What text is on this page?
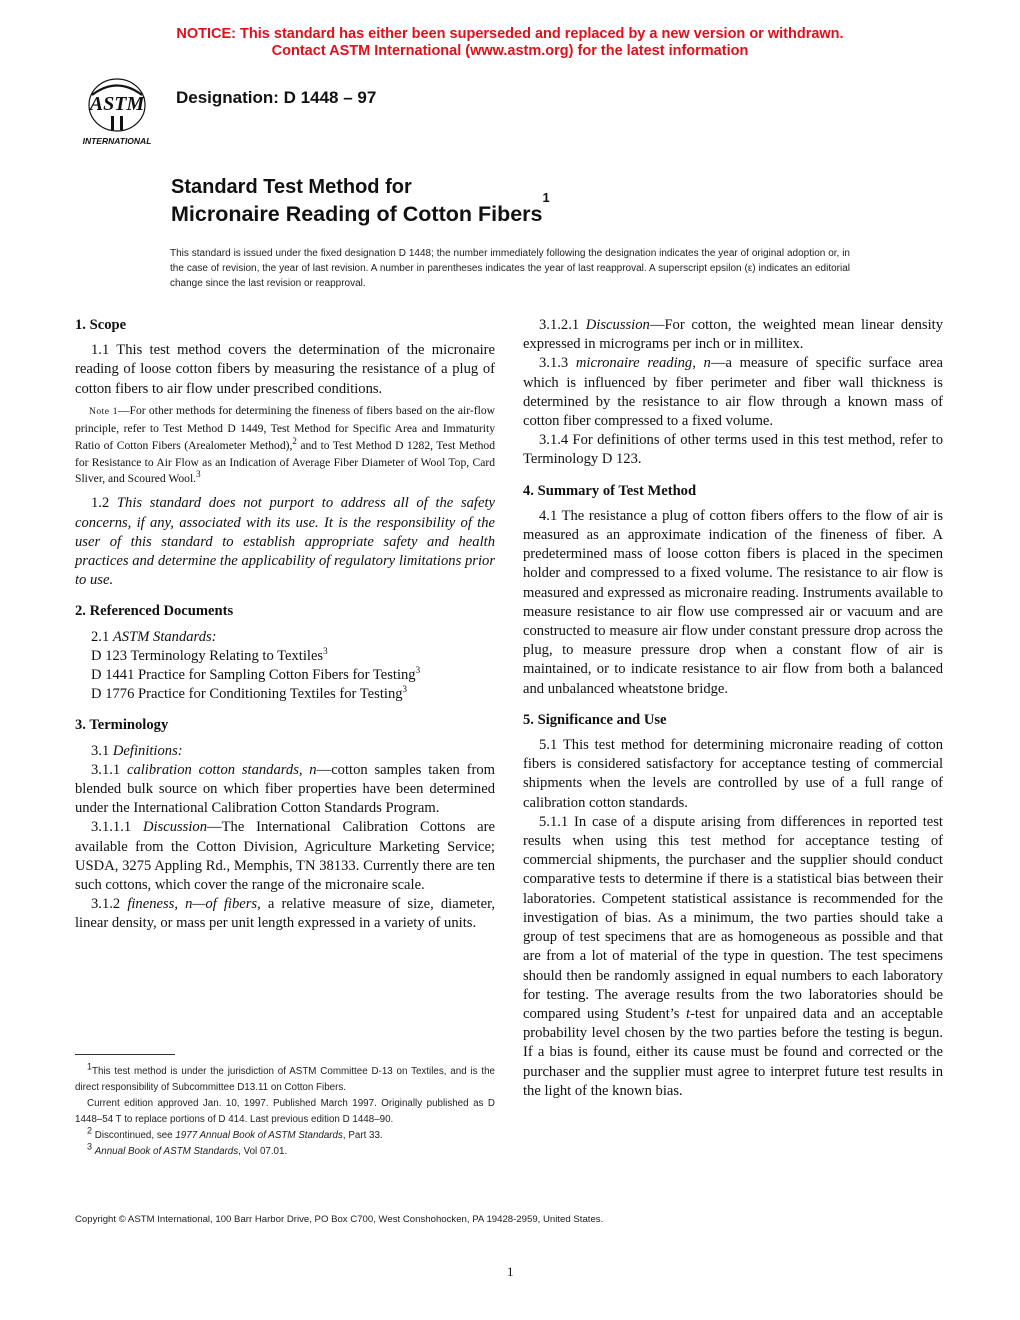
NOTICE: This standard has either been superseded and replaced by a new version or withdrawn.
Contact ASTM International (www.astm.org) for the latest information
ASTM
INTERNATIONAL
Designation: D 1448 – 97
Standard Test Method for
Micronaire Reading of Cotton Fibers$^1$
This standard is issued under the fixed designation D 1448; the number immediately following the designation indicates the year of original adoption or, in the case of revision, the year of last revision. A number in parentheses indicates the year of last reapproval. A superscript epsilon (ε) indicates an editorial change since the last revision or reapproval.

1. Scope

1.1 This test method covers the determination of the micronaire reading of loose cotton fibers by measuring the resistance of a plug of cotton fibers to air flow under prescribed conditions.

Note 1—For other methods for determining the fineness of fibers based on the air-flow principle, refer to Test Method D 1449, Test Method for Specific Area and Immaturity Ratio of Cotton Fibers (Arealometer Method),$^2$ and to Test Method D 1282, Test Method for Resistance to Air Flow as an Indication of Average Fiber Diameter of Wool Top, Card Sliver, and Scoured Wool.$^3$

1.2 This standard does not purport to address all of the safety concerns, if any, associated with its use. It is the responsibility of the user of this standard to establish appropriate safety and health practices and determine the applicability of regulatory limitations prior to use.

2. Referenced Documents

2.1 ASTM Standards:

D 123 Terminology Relating to Textiles$^3$

D 1441 Practice for Sampling Cotton Fibers for Testing$^3$

D 1776 Practice for Conditioning Textiles for Testing$^3$

3. Terminology

3.1 Definitions:

3.1.1 calibration cotton standards, n—cotton samples taken from blended bulk source on which fiber properties have been determined under the International Calibration Cotton Standards Program.

3.1.1.1 Discussion—The International Calibration Cottons are available from the Cotton Division, Agriculture Marketing Service; USDA, 3275 Appling Rd., Memphis, TN 38133. Currently there are ten such cottons, which cover the range of the micronaire scale.

3.1.2 fineness, n—of fibers, a relative measure of size, diameter, linear density, or mass per unit length expressed in a variety of units.

3.1.2.1 Discussion—For cotton, the weighted mean linear density expressed in micrograms per inch or in millitex.

3.1.3 micronaire reading, n—a measure of specific surface area which is influenced by fiber perimeter and fiber wall thickness is determined by the resistance to air flow through a known mass of cotton fiber compressed to a fixed volume.

3.1.4 For definitions of other terms used in this test method, refer to Terminology D 123.

4. Summary of Test Method

4.1 The resistance a plug of cotton fibers offers to the flow of air is measured as an approximate indication of the fineness of fiber. A predetermined mass of loose cotton fibers is placed in the specimen holder and compressed to a fixed volume. The resistance to air flow is measured and expressed as micronaire reading. Instruments available to measure resistance to air flow use compressed air or vacuum and are constructed to measure air flow under constant pressure drop across the plug, to measure pressure drop when a constant flow of air is maintained, or to indicate resistance to air flow from both a balanced and unbalanced wheatstone bridge.

5. Significance and Use

5.1 This test method for determining micronaire reading of cotton fibers is considered satisfactory for acceptance testing of commercial shipments when the levels are controlled by use of a full range of calibration cotton standards.

5.1.1 In case of a dispute arising from differences in reported test results when using this test method for acceptance testing of commercial shipments, the purchaser and the supplier should conduct comparative tests to determine if there is a statistical bias between their laboratories. Competent statistical assistance is recommended for the investigation of bias. As a minimum, the two parties should take a group of test specimens that are as homogeneous as possible and that are from a lot of material of the type in question. The test specimens should then be randomly assigned in equal numbers to each laboratory for testing. The average results from the two laboratories should be compared using Student’s t-test for unpaired data and an acceptable probability level chosen by the two parties before the testing is begun. If a bias is found, either its cause must be found and corrected or the purchaser and the supplier must agree to interpret future test results in the light of the known bias.

$^1$This test method is under the jurisdiction of ASTM Committee D-13 on Textiles, and is the direct responsibility of Subcommittee D13.11 on Cotton Fibers.

Current edition approved Jan. 10, 1997. Published March 1997. Originally published as D 1448–54 T to replace portions of D 414. Last previous edition D 1448–90.

$^2$ Discontinued, see 1977 Annual Book of ASTM Standards, Part 33.

$^3$ Annual Book of ASTM Standards, Vol 07.01.

Copyright © ASTM International, 100 Barr Harbor Drive, PO Box C700, West Conshohocken, PA 19428-2959, United States.
1
